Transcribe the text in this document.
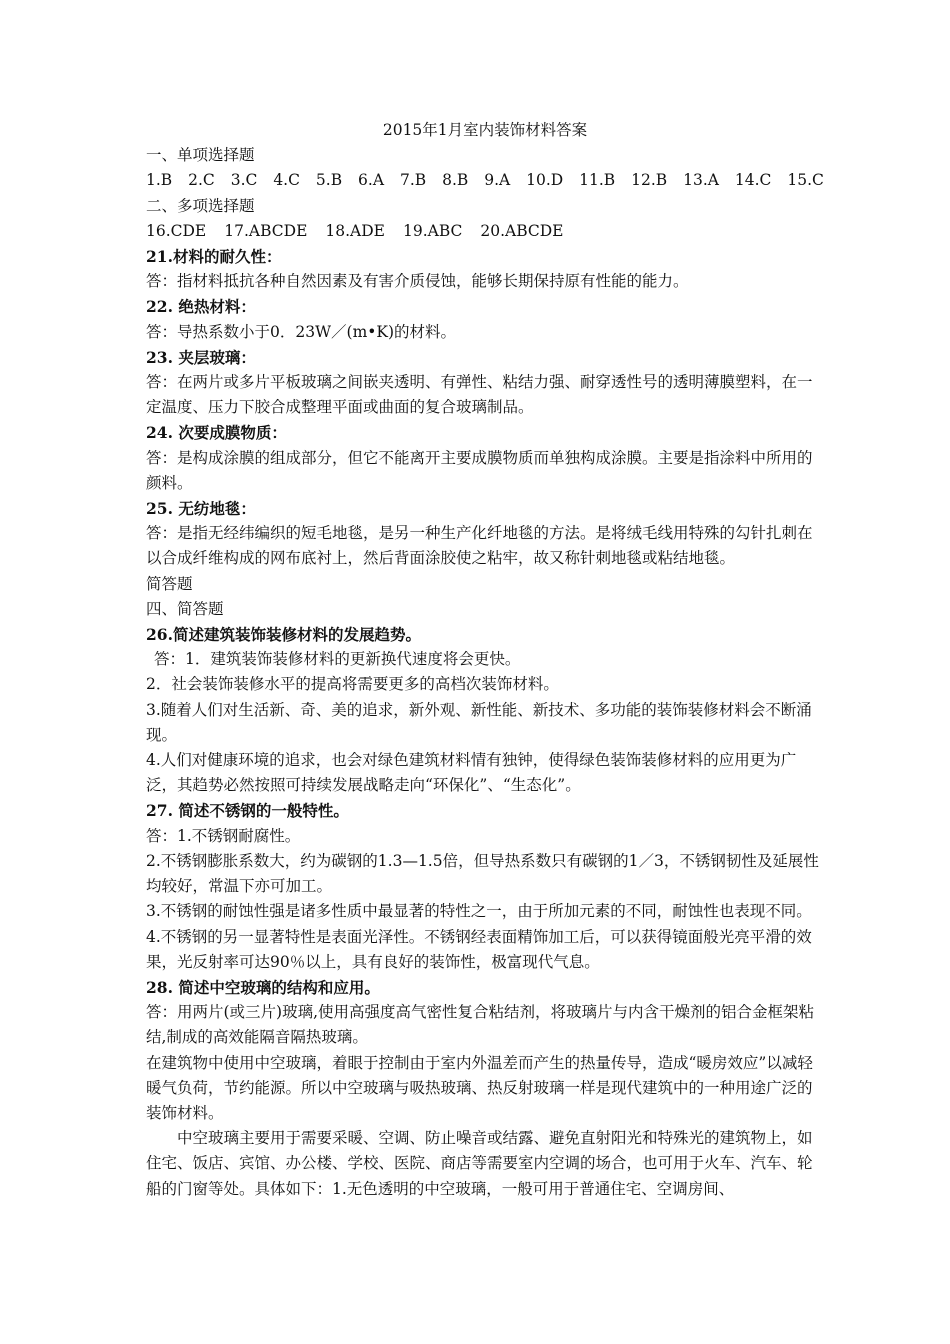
2015年1月室内装饰材料答案

一、单项选择题

1.B 2.C 3.C 4.C 5.B 6.A 7.B 8.B 9.A 10.D 11.B 12.B 13.A 14.C 15.C

二、多项选择题

16.CDE 17.ABCDE 18.ADE 19.ABC 20.ABCDE

21.材料的耐久性：

答：指材料抵抗各种自然因素及有害介质侵蚀，能够长期保持原有性能的能力。

22. 绝热材料：

答：导热系数小于0．23W／(m•K)的材料。

23. 夹层玻璃：

答：在两片或多片平板玻璃之间嵌夹透明、有弹性、粘结力强、耐穿透性号的透明薄膜塑料，在一定温度、压力下胶合成整理平面或曲面的复合玻璃制品。

24. 次要成膜物质：

答：是构成涂膜的组成部分，但它不能离开主要成膜物质而单独构成涂膜。主要是指涂料中所用的颜料。

25. 无纺地毯：

答：是指无经纬编织的短毛地毯，是另一种生产化纤地毯的方法。是将绒毛线用特殊的勾针扎刺在以合成纤维构成的网布底衬上，然后背面涂胶使之粘牢，故又称针刺地毯或粘结地毯。

简答题

四、简答题

26.简述建筑装饰装修材料的发展趋势。

答：1．建筑装饰装修材料的更新换代速度将会更快。

2．社会装饰装修水平的提高将需要更多的高档次装饰材料。

3.随着人们对生活新、奇、美的追求，新外观、新性能、新技术、多功能的装饰装修材料会不断涌现。

4.人们对健康环境的追求，也会对绿色建筑材料情有独钟，使得绿色装饰装修材料的应用更为广泛，其趋势必然按照可持续发展战略走向“环保化”、“生态化”。

27. 简述不锈钢的一般特性。

答：1.不锈钢耐腐性。

2.不锈钢膨胀系数大，约为碳钢的1.3—1.5倍，但导热系数只有碳钢的1／3，不锈钢韧性及延展性均较好，常温下亦可加工。

3.不锈钢的耐蚀性强是诸多性质中最显著的特性之一，由于所加元素的不同，耐蚀性也表现不同。

4.不锈钢的另一显著特性是表面光泽性。不锈钢经表面精饰加工后，可以获得镜面般光亮平滑的效果，光反射率可达90％以上，具有良好的装饰性，极富现代气息。

28. 简述中空玻璃的结构和应用。

答：用两片(或三片)玻璃,使用高强度高气密性复合粘结剂，将玻璃片与内含干燥剂的铝合金框架粘结,制成的高效能隔音隔热玻璃。

在建筑物中使用中空玻璃，着眼于控制由于室内外温差而产生的热量传导，造成“暖房效应”以减轻暖气负荷，节约能源。所以中空玻璃与吸热玻璃、热反射玻璃一样是现代建筑中的一种用途广泛的装饰材料。

中空玻璃主要用于需要采暖、空调、防止噪音或结露、避免直射阳光和特殊光的建筑物上，如住宅、饭店、宾馆、办公楼、学校、医院、商店等需要室内空调的场合，也可用于火车、汽车、轮船的门窗等处。具体如下：1.无色透明的中空玻璃，一般可用于普通住宅、空调房间、
